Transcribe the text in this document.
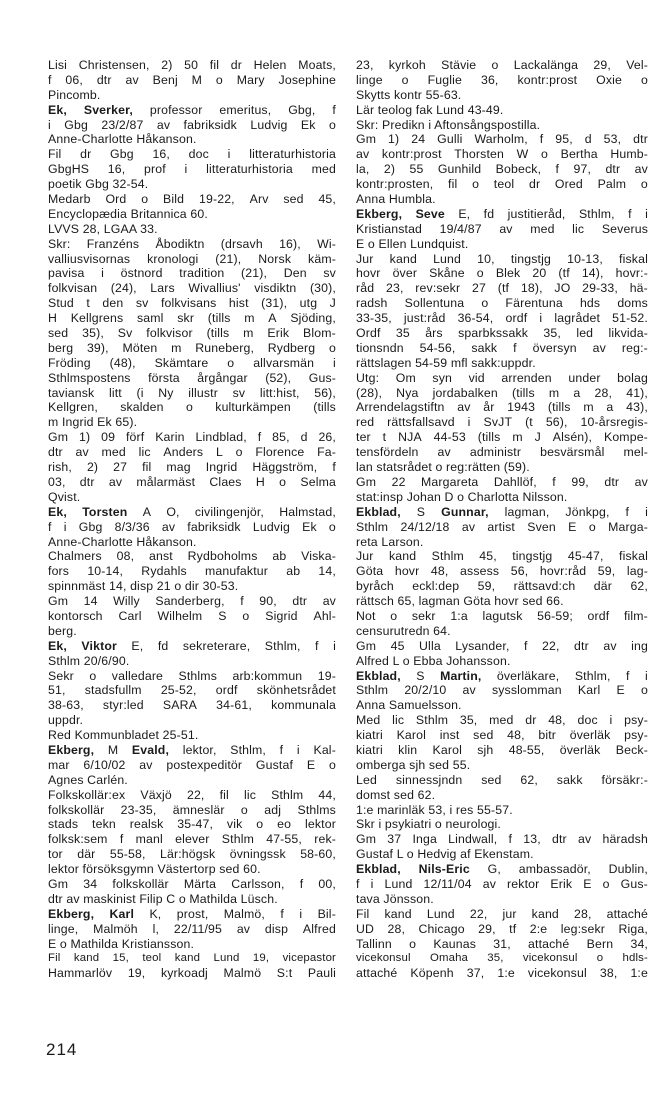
Lisi Christensen, 2) 50 fil dr Helen Moats,
f 06, dtr av Benj M o Mary Josephine
Pincomb.
Ek, Sverker, professor emeritus, Gbg, f
i Gbg 23/2/87 av fabriksidk Ludvig Ek o
Anne-Charlotte Håkanson.
Fil dr Gbg 16, doc i litteraturhistoria
GbgHS 16, prof i litteraturhistoria med
poetik Gbg 32-54.
Medarb Ord o Bild 19-22, Arv sed 45,
Encyclopædia Britannica 60.
LVVS 28, LGAA 33.
Skr: Franzéns Åbodiktn (drsavh 16), Wi-
valliusvisornas kronologi (21), Norsk käm-
pavisa i östnord tradition (21), Den sv
folkvisan (24), Lars Wivallius' visdiktn (30),
Stud t den sv folkvisans hist (31), utg J
H Kellgrens saml skr (tills m A Sjöding,
sed 35), Sv folkvisor (tills m Erik Blom-
berg 39), Möten m Runeberg, Rydberg o
Fröding (48), Skämtare o allvarsmän i
Sthlmspostens första årgångar (52), Gus-
taviansk litt (i Ny illustr sv litt:hist, 56),
Kellgren, skalden o kulturkämpen (tills
m Ingrid Ek 65).
Gm 1) 09 förf Karin Lindblad, f 85, d 26,
dtr av med lic Anders L o Florence Fa-
rish, 2) 27 fil mag Ingrid Häggström, f
03, dtr av målarmäst Claes H o Selma
Qvist.
Ek, Torsten A O, civilingenjör, Halmstad,
f i Gbg 8/3/36 av fabriksidk Ludvig Ek o
Anne-Charlotte Håkanson.
Chalmers 08, anst Rydboholms ab Viska-
fors 10-14, Rydahls manufaktur ab 14,
spinnmäst 14, disp 21 o dir 30-53.
Gm 14 Willy Sanderberg, f 90, dtr av
kontorsch Carl Wilhelm S o Sigrid Ahl-
berg.
Ek, Viktor E, fd sekreterare, Sthlm, f i
Sthlm 20/6/90.
Sekr o valledare Sthlms arb:kommun 19-
51, stadsfullm 25-52, ordf skönhetsrådet
38-63, styr:led SARA 34-61, kommunala
uppdr.
Red Kommunbladet 25-51.
Ekberg, M Evald, lektor, Sthlm, f i Kal-
mar 6/10/02 av postexpeditör Gustaf E o
Agnes Carlén.
Folkskollär:ex Växjö 22, fil lic Sthlm 44,
folkskollär 23-35, ämneslär o adj Sthlms
stads tekn realsk 35-47, vik o eo lektor
folksk:sem f manl elever Sthlm 47-55, rek-
tor där 55-58, Lär:högsk övningssk 58-60,
lektor försöksgymn Västertorp sed 60.
Gm 34 folkskollär Märta Carlsson, f 00,
dtr av maskinist Filip C o Mathilda Lüsch.
Ekberg, Karl K, prost, Malmö, f i Bil-
linge, Malmöh l, 22/11/95 av disp Alfred
E o Mathilda Kristiansson.
Fil kand 15, teol kand Lund 19, vicepastor
Hammarlöv 19, kyrkoadj Malmö S:t Pauli
23, kyrkoh Stävie o Lackalänga 29, Vel-
linge o Fuglie 36, kontr:prost Oxie o
Skytts kontr 55-63.
Lär teolog fak Lund 43-49.
Skr: Predikn i Aftonsångspostilla.
Gm 1) 24 Gulli Warholm, f 95, d 53, dtr
av kontr:prost Thorsten W o Bertha Humb-
la, 2) 55 Gunhild Bobeck, f 97, dtr av
kontr:prosten, fil o teol dr Ored Palm o
Anna Humbla.
Ekberg, Seve E, fd justitieråd, Sthlm, f i
Kristianstad 19/4/87 av med lic Severus
E o Ellen Lundquist.
Jur kand Lund 10, tingstjg 10-13, fiskal
hovr över Skåne o Blek 20 (tf 14), hovr:-
råd 23, rev:sekr 27 (tf 18), JO 29-33, hä-
radsh Sollentuna o Färentuna hds doms
33-35, just:råd 36-54, ordf i lagrådet 51-52.
Ordf 35 års sparbkssakk 35, led likvida-
tionsndn 54-56, sakk f översyn av reg:-
rättslagen 54-59 mfl sakk:uppdr.
Utg: Om syn vid arrenden under bolag
(28), Nya jordabalken (tills m a 28, 41),
Arrendelagstiftn av år 1943 (tills m a 43),
red rättsfallsavd i SvJT (t 56), 10-årsregis-
ter t NJA 44-53 (tills m J Alsén), Kompe-
tensfördeln av administr besvärsmål mel-
lan statsrådet o reg:rätten (59).
Gm 22 Margareta Dahllöf, f 99, dtr av
stat:insp Johan D o Charlotta Nilsson.
Ekblad, S Gunnar, lagman, Jönkpg, f i
Sthlm 24/12/18 av artist Sven E o Marga-
reta Larson.
Jur kand Sthlm 45, tingstjg 45-47, fiskal
Göta hovr 48, assess 56, hovr:råd 59, lag-
byråch eckl:dep 59, rättsavd:ch där 62,
rättsch 65, lagman Göta hovr sed 66.
Not o sekr 1:a lagutsk 56-59; ordf film-
censurutredn 64.
Gm 45 Ulla Lysander, f 22, dtr av ing
Alfred L o Ebba Johansson.
Ekblad, S Martin, överläkare, Sthlm, f i
Sthlm 20/2/10 av sysslomman Karl E o
Anna Samuelsson.
Med lic Sthlm 35, med dr 48, doc i psy-
kiatri Karol inst sed 48, bitr överläk psy-
kiatri klin Karol sjh 48-55, överläk Beck-
omberga sjh sed 55.
Led sinnessjndn sed 62, sakk försäkr:-
domst sed 62.
1:e marinläk 53, i res 55-57.
Skr i psykiatri o neurologi.
Gm 37 Inga Lindwall, f 13, dtr av häradsh
Gustaf L o Hedvig af Ekenstam.
Ekblad, Nils-Eric G, ambassadör, Dublin,
f i Lund 12/11/04 av rektor Erik E o Gus-
tava Jönsson.
Fil kand Lund 22, jur kand 28, attaché
UD 28, Chicago 29, tf 2:e leg:sekr Riga,
Tallinn o Kaunas 31, attaché Bern 34,
vicekonsul Omaha 35, vicekonsul o hdls-
attaché Köpenh 37, 1:e vicekonsul 38, 1:e
214
